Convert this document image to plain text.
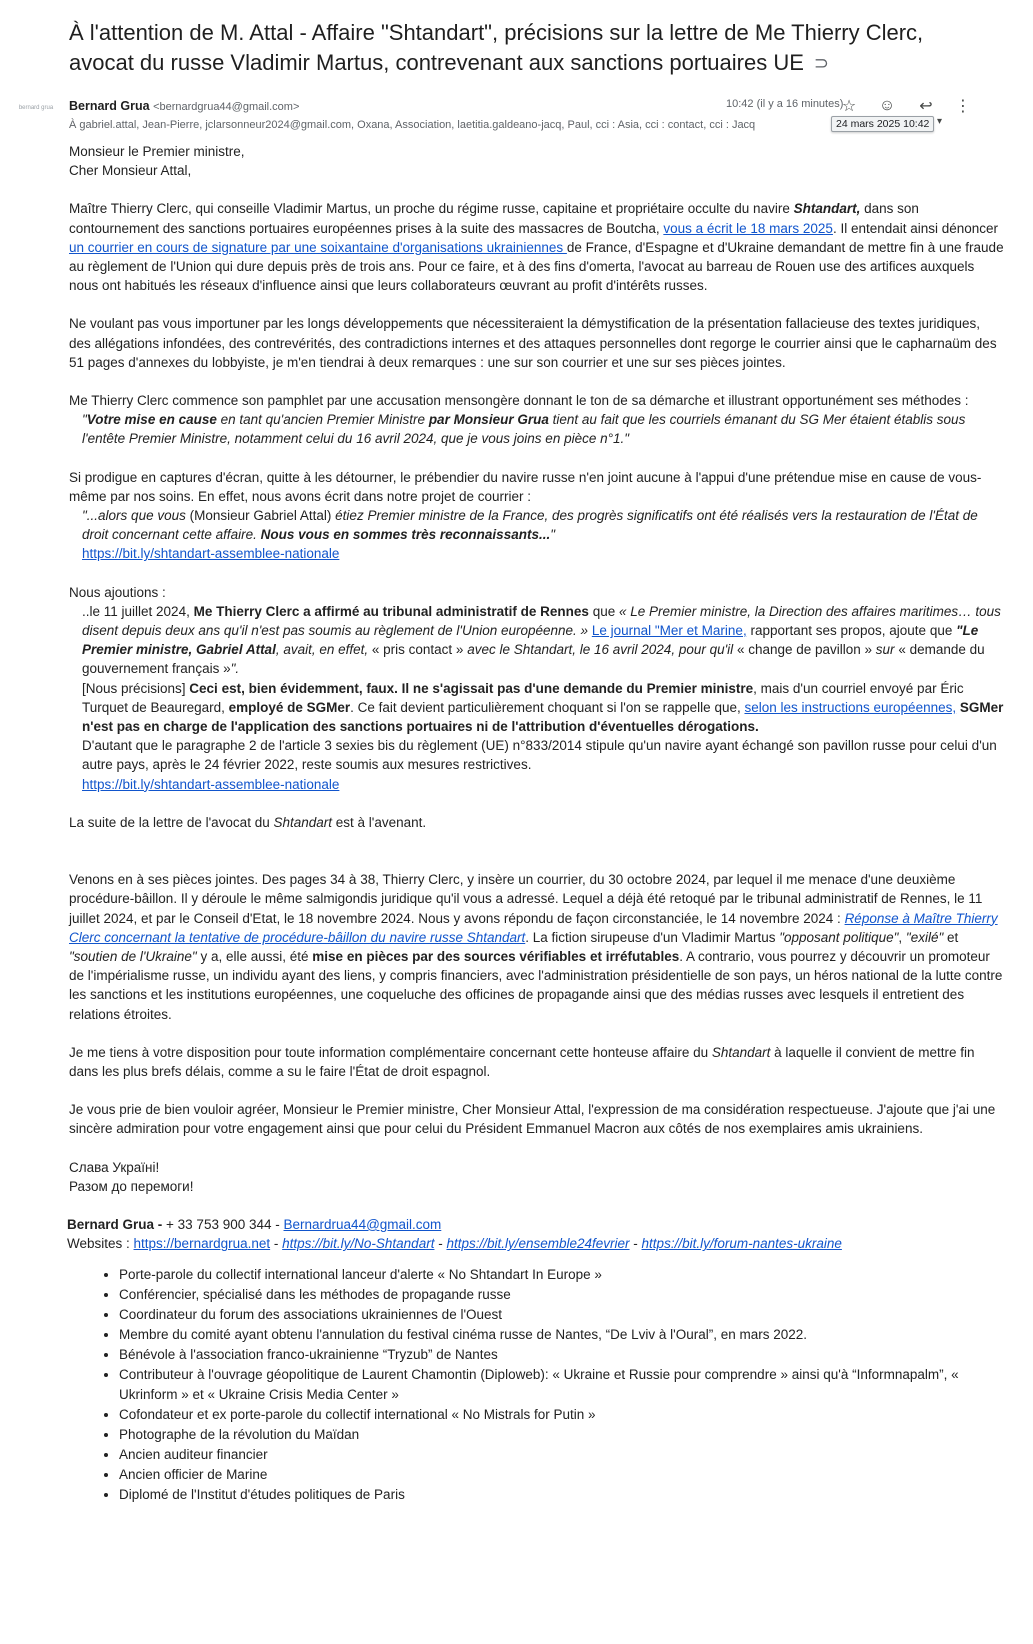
À l'attention de M. Attal - Affaire "Shtandart", précisions sur la lettre de Me Thierry Clerc, avocat du russe Vladimir Martus, contrevenant aux sanctions portuaires UE ⊃
bernard grua Bernard Grua <bernardgrua44@gmail.com>
À gabriel.attal, Jean-Pierre, jclarsonneur2024@gmail.com, Oxana, Association, laetitia.galdeano-jacq, Paul, cci : Asia, cci : contact, cci : Jacq
10:42 (il y a 16 minutes)
☆	☺	↩	⋮
24 mars 2025 10:42 ▾

Monsieur le Premier ministre,
Cher Monsieur Attal,

Maître Thierry Clerc, qui conseille Vladimir Martus, un proche du régime russe, capitaine et propriétaire occulte du navire Shtandart, dans son contournement des sanctions portuaires européennes prises à la suite des massacres de Boutcha, vous a écrit le 18 mars 2025. Il entendait ainsi dénoncer un courrier en cours de signature par une soixantaine d'organisations ukrainiennes de France, d'Espagne et d'Ukraine demandant de mettre fin à une fraude au règlement de l'Union qui dure depuis près de trois ans. Pour ce faire, et à des fins d'omerta, l'avocat au barreau de Rouen use des artifices auxquels nous ont habitués les réseaux d'influence ainsi que leurs collaborateurs œuvrant au profit d'intérêts russes.

Ne voulant pas vous importuner par les longs développements que nécessiteraient la démystification de la présentation fallacieuse des textes juridiques, des allégations infondées, des contrevérités, des contradictions internes et des attaques personnelles dont regorge le courrier ainsi que le capharnaüm des 51 pages d'annexes du lobbyiste, je m'en tiendrai à deux remarques : une sur son courrier et une sur ses pièces jointes.

Me Thierry Clerc commence son pamphlet par une accusation mensongère donnant le ton de sa démarche et illustrant opportunément ses méthodes :

"Votre mise en cause en tant qu'ancien Premier Ministre par Monsieur Grua tient au fait que les courriels émanant du SG Mer étaient établis sous l'entête Premier Ministre, notamment celui du 16 avril 2024, que je vous joins en pièce n°1."

Si prodigue en captures d'écran, quitte à les détourner, le prébendier du navire russe n'en joint aucune à l'appui d'une prétendue mise en cause de vous-même par nos soins. En effet, nous avons écrit dans notre projet de courrier :

"...alors que vous (Monsieur Gabriel Attal) étiez Premier ministre de la France, des progrès significatifs ont été réalisés vers la restauration de l'État de droit concernant cette affaire. Nous vous en sommes très reconnaissants..."
https://bit.ly/shtandart-assemblee-nationale

Nous ajoutions :

..le 11 juillet 2024, Me Thierry Clerc a affirmé au tribunal administratif de Rennes que « Le Premier ministre, la Direction des affaires maritimes… tous disent depuis deux ans qu'il n'est pas soumis au règlement de l'Union européenne. » Le journal "Mer et Marine, rapportant ses propos, ajoute que "Le Premier ministre, Gabriel Attal, avait, en effet, « pris contact » avec le Shtandart, le 16 avril 2024, pour qu'il « change de pavillon » sur « demande du gouvernement français »".
[Nous précisions] Ceci est, bien évidemment, faux. Il ne s'agissait pas d'une demande du Premier ministre, mais d'un courriel envoyé par Éric Turquet de Beauregard, employé de SGMer. Ce fait devient particulièrement choquant si l'on se rappelle que, selon les instructions européennes, SGMer n'est pas en charge de l'application des sanctions portuaires ni de l'attribution d'éventuelles dérogations.
D'autant que le paragraphe 2 de l'article 3 sexies bis du règlement (UE) n°833/2014 stipule qu'un navire ayant échangé son pavillon russe pour celui d'un autre pays, après le 24 février 2022, reste soumis aux mesures restrictives.
https://bit.ly/shtandart-assemblee-nationale

La suite de la lettre de l'avocat du Shtandart est à l'avenant.

Venons en à ses pièces jointes. Des pages 34 à 38, Thierry Clerc, y insère un courrier, du 30 octobre 2024, par lequel il me menace d'une deuxième procédure-bâillon. Il y déroule le même salmigondis juridique qu'il vous a adressé. Lequel a déjà été retoqué par le tribunal administratif de Rennes, le 11 juillet 2024, et par le Conseil d'Etat, le 18 novembre 2024. Nous y avons répondu de façon circonstanciée, le 14 novembre 2024 : Réponse à Maître Thierry Clerc concernant la tentative de procédure-bâillon du navire russe Shtandart. La fiction sirupeuse d'un Vladimir Martus "opposant politique", "exilé" et "soutien de l'Ukraine" y a, elle aussi, été mise en pièces par des sources vérifiables et irréfutables. A contrario, vous pourrez y découvrir un promoteur de l'impérialisme russe, un individu ayant des liens, y compris financiers, avec l'administration présidentielle de son pays, un héros national de la lutte contre les sanctions et les institutions européennes, une coqueluche des officines de propagande ainsi que des médias russes avec lesquels il entretient des relations étroites.

Je me tiens à votre disposition pour toute information complémentaire concernant cette honteuse affaire du Shtandart à laquelle il convient de mettre fin dans les plus brefs délais, comme a su le faire l'État de droit espagnol.

Je vous prie de bien vouloir agréer, Monsieur le Premier ministre, Cher Monsieur Attal, l'expression de ma considération respectueuse. J'ajoute que j'ai une sincère admiration pour votre engagement ainsi que pour celui du Président Emmanuel Macron aux côtés de nos exemplaires amis ukrainiens.

Слава Україні!
Разом до перемоги!

Bernard Grua - + 33 753 900 344 - Bernardrua44@gmail.com
Websites : https://bernardgrua.net - https://bit.ly/No-Shtandart - https://bit.ly/ensemble24fevrier - https://bit.ly/forum-nantes-ukraine
• Porte-parole du collectif international lanceur d'alerte « No Shtandart In Europe »
• Conférencier, spécialisé dans les méthodes de propagande russe
• Coordinateur du forum des associations ukrainiennes de l'Ouest
• Membre du comité ayant obtenu l'annulation du festival cinéma russe de Nantes, “De Lviv à l'Oural”, en mars 2022.
• Bénévole à l'association franco-ukrainienne “Tryzub” de Nantes
• Contributeur à l'ouvrage géopolitique de Laurent Chamontin (Diploweb): « Ukraine et Russie pour comprendre » ainsi qu'à “Informnapalm”, « Ukrinform » et « Ukraine Crisis Media Center »
• Cofondateur et ex porte-parole du collectif international « No Mistrals for Putin »
• Photographe de la révolution du Maïdan
• Ancien auditeur financier
• Ancien officier de Marine
• Diplomé de l'Institut d'études politiques de Paris
